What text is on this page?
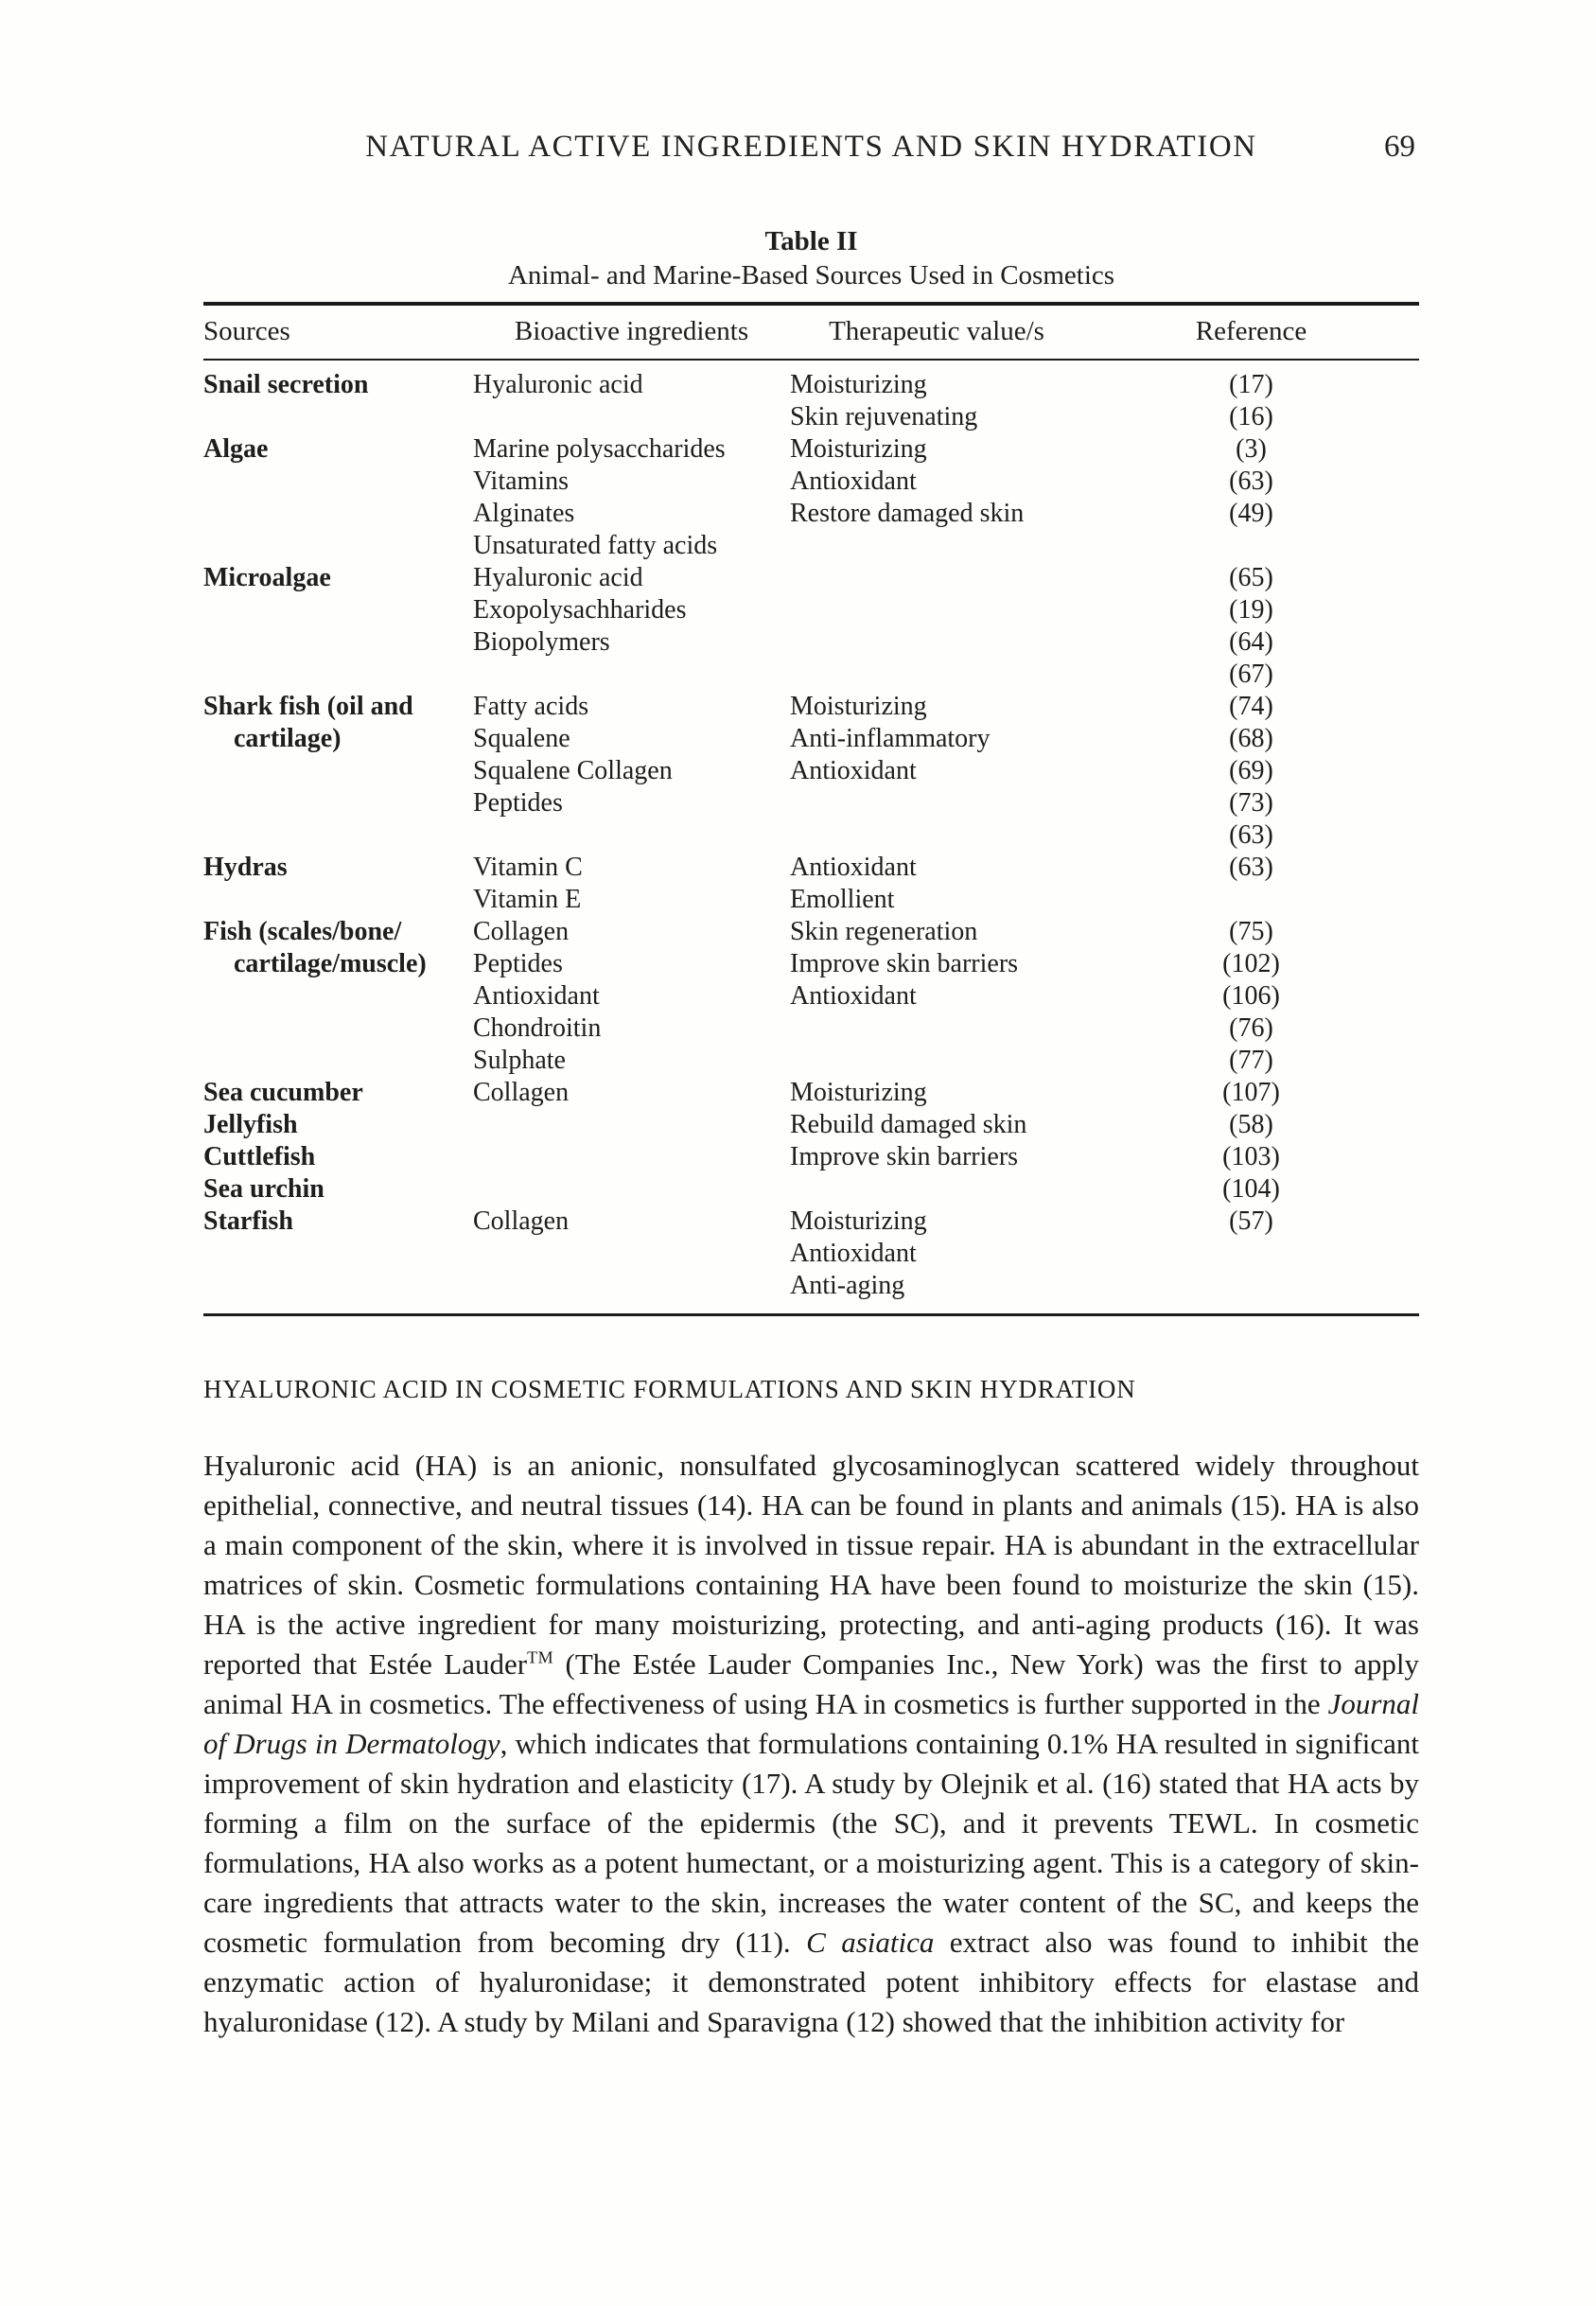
NATURAL ACTIVE INGREDIENTS AND SKIN HYDRATION	69
Table II
Animal- and Marine-Based Sources Used in Cosmetics
Sources	Bioactive ingredients	Therapeutic value/s	Reference
Snail secretion	Hyaluronic acid	Moisturizing	(17)
		Skin rejuvenating	(16)
Algae	Marine polysaccharides	Moisturizing	(3)
	Vitamins	Antioxidant	(63)
	Alginates	Restore damaged skin	(49)
	Unsaturated fatty acids		
Microalgae	Hyaluronic acid		(65)
	Exopolysachharides		(19)
	Biopolymers		(64)
			(67)
Shark fish (oil and	Fatty acids	Moisturizing	(74)
cartilage)	Squalene	Anti-inflammatory	(68)
	Squalene Collagen	Antioxidant	(69)
	Peptides		(73)
			(63)
Hydras	Vitamin C	Antioxidant	(63)
	Vitamin E	Emollient	
Fish (scales/bone/	Collagen	Skin regeneration	(75)
cartilage/muscle)	Peptides	Improve skin barriers	(102)
	Antioxidant	Antioxidant	(106)
	Chondroitin		(76)
	Sulphate		(77)
Sea cucumber	Collagen	Moisturizing	(107)
Jellyfish		Rebuild damaged skin	(58)
Cuttlefish		Improve skin barriers	(103)
Sea urchin			(104)
Starfish	Collagen	Moisturizing	(57)
		Antioxidant	
		Anti-aging	
HYALURONIC ACID IN COSMETIC FORMULATIONS AND SKIN HYDRATION

Hyaluronic acid (HA) is an anionic, nonsulfated glycosaminoglycan scattered widely throughout epithelial, connective, and neutral tissues (14). HA can be found in plants and animals (15). HA is also a main component of the skin, where it is involved in tissue repair. HA is abundant in the extracellular matrices of skin. Cosmetic formulations containing HA have been found to moisturize the skin (15). HA is the active ingredient for many moisturizing, protecting, and anti-aging products (16). It was reported that Estée Lauder™ (The Estée Lauder Companies Inc., New York) was the first to apply animal HA in cosmetics. The effectiveness of using HA in cosmetics is further supported in the Journal of Drugs in Dermatology, which indicates that formulations containing 0.1% HA resulted in significant improvement of skin hydration and elasticity (17). A study by Olejnik et al. (16) stated that HA acts by forming a film on the surface of the epidermis (the SC), and it prevents TEWL. In cosmetic formulations, HA also works as a potent humectant, or a moisturizing agent. This is a category of skin-care ingredients that attracts water to the skin, increases the water content of the SC, and keeps the cosmetic formulation from becoming dry (11). C asiatica extract also was found to inhibit the enzymatic action of hyaluronidase; it demonstrated potent inhibitory effects for elastase and hyaluronidase (12). A study by Milani and Sparavigna (12) showed that the inhibition activity for
